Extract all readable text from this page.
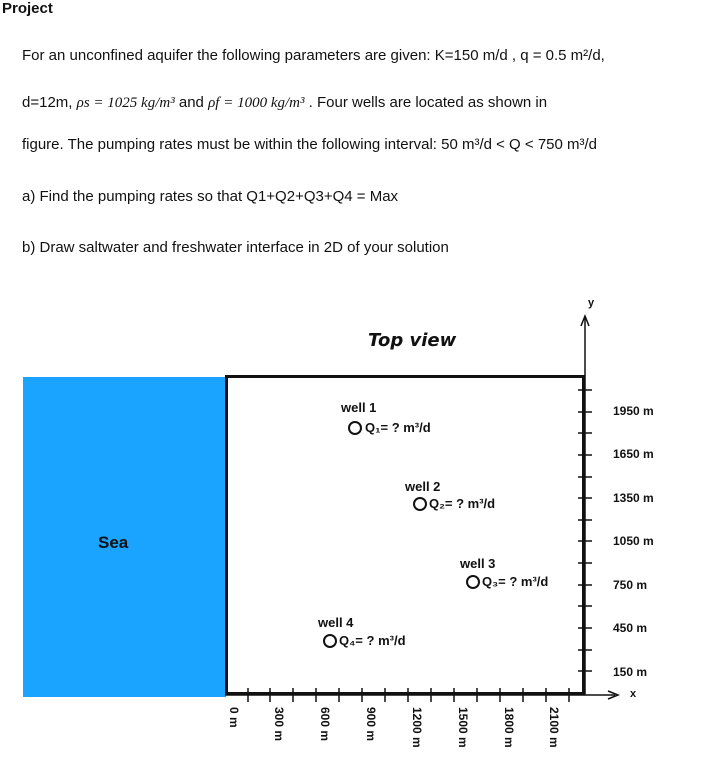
Project
For an unconfined aquifer the following parameters are given: K=150 m/d , q = 0.5 m²/d,
d=12m, ρs = 1025 kg/m³ and ρf = 1000 kg/m³ . Four wells are located as shown in
figure. The pumping rates must be within the following interval: 50 m³/d < Q < 750 m³/d
a) Find the pumping rates so that Q1+Q2+Q3+Q4 = Max
b) Draw saltwater and freshwater interface in 2D of your solution
Top view
Sea
well 1
Q₁= ? m³/d
well 2
Q₂= ? m³/d
well 3
Q₃= ? m³/d
well 4
Q₄= ? m³/d
y
x
1950 m
1650 m
1350 m
1050 m
750 m
450 m
150 m
0 m	300 m	600 m	900 m	1200 m	1500 m	1800 m	2100 m
